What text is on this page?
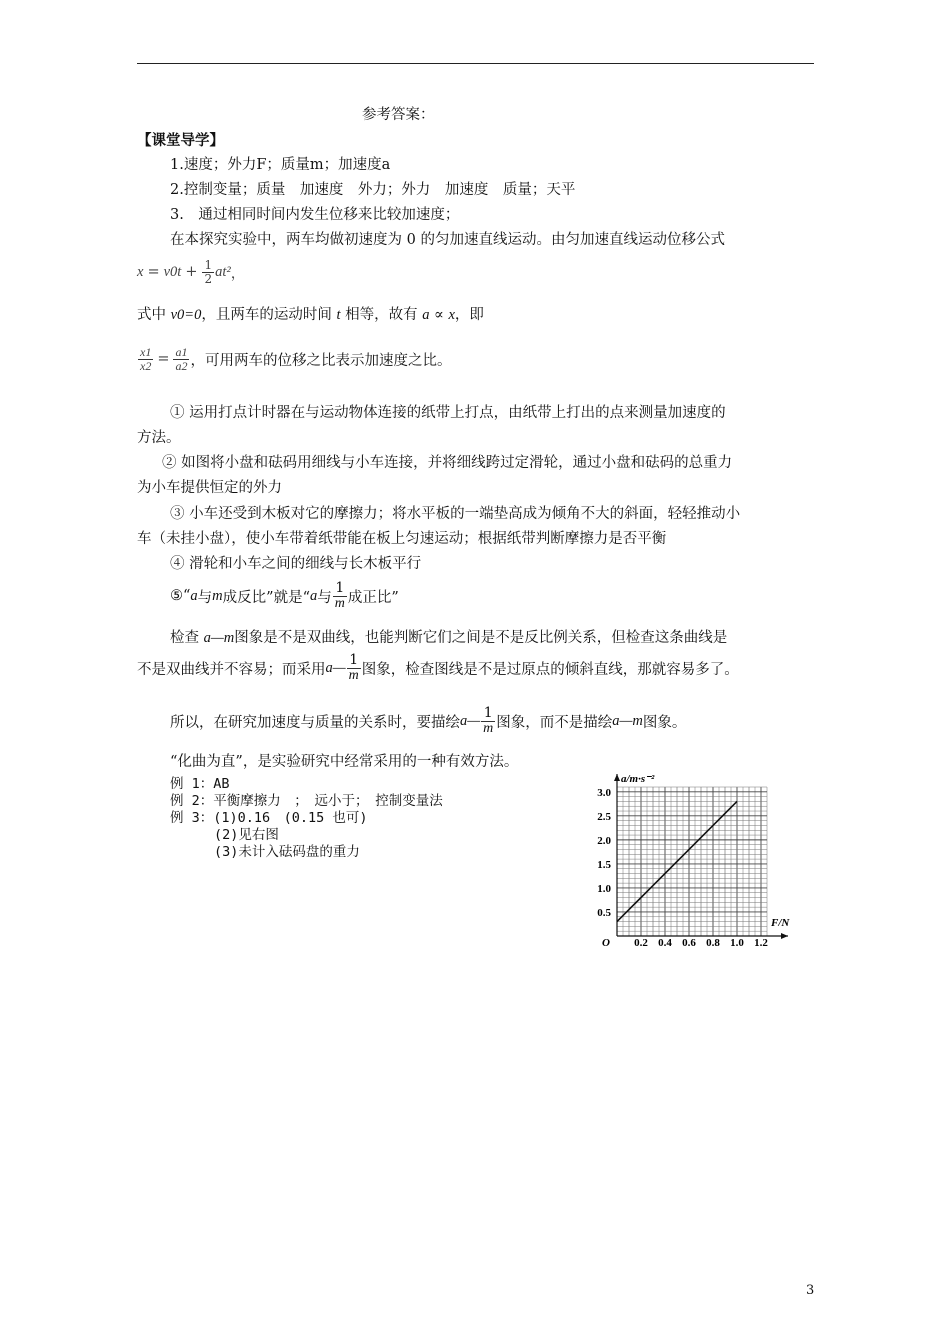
参考答案：
【课堂导学】
1.速度；外力F；质量m；加速度a
2.控制变量；质量　加速度　外力；外力　加速度　质量；天平
3.　通过相同时间内发生位移来比较加速度；
在本探究实验中，两车均做初速度为 0 的匀加速直线运动。由匀加速直线运动位移公式
$x = v0t + \frac{1}{2} at^2$ ，
式中 v0=0，且两车的运动时间 t 相等，故有 a ∝ x，即
$\frac{x1}{x2} = \frac{a1}{a2}$ ，可用两车的位移之比表示加速度之比。
① 运用打点计时器在与运动物体连接的纸带上打点，由纸带上打出的点来测量加速度的
方法。
② 如图将小盘和砝码用细线与小车连接，并将细线跨过定滑轮，通过小盘和砝码的总重力
为小车提供恒定的外力
③ 小车还受到木板对它的摩擦力；将水平板的一端垫高成为倾角不大的斜面，轻轻推动小
车（未挂小盘），使小车带着纸带能在板上匀速运动；根据纸带判断摩擦力是否平衡
④ 滑轮和小车之间的细线与长木板平行
⑤“ a 与 m 成反比”就是“ a 与 $\frac{1}{m}$ 成正比”
检查 a—m图象是不是双曲线，也能判断它们之间是不是反比例关系，但检查这条曲线是
不是双曲线并不容易；而采用 a— $\frac{1}{m}$ 图象，检查图线是不是过原点的倾斜直线，那就容易多了。
所以，在研究加速度与质量的关系时，要描绘 a— $\frac{1}{m}$ 图象，而不是描绘 a—m 图象。
“化曲为直”，是实验研究中经常采用的一种有效方法。
例 1：AB
例 2：平衡摩擦力　；　远小于；　控制变量法
例 3：(1)0.16　(0.15 也可)
(2)见右图
(3)未计入砝码盘的重力
0.2 0.4 0.6 0.8 1.0 1.2
0.5
1.0
1.5
2.0
2.5
3.0
a/m·s⁻²
F/N
O
3
